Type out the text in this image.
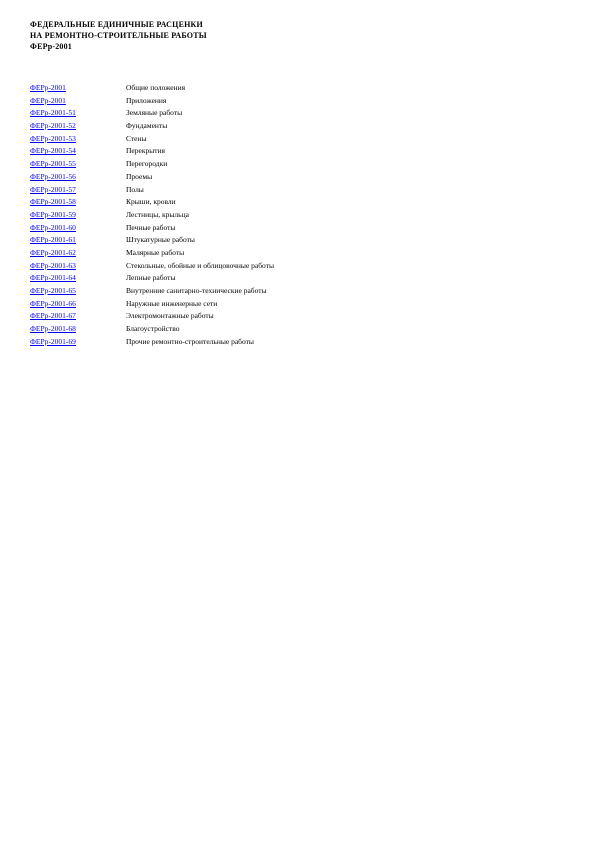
ФЕДЕРАЛЬНЫЕ ЕДИНИЧНЫЕ РАСЦЕНКИ
НА РЕМОНТНО-СТРОИТЕЛЬНЫЕ РАБОТЫ
ФЕРр-2001
ФЕРр-2001	Общие положения
ФЕРр-2001	Приложения
ФЕРр-2001-51	Земляные работы
ФЕРр-2001-52	Фундаменты
ФЕРр-2001-53	Стены
ФЕРр-2001-54	Перекрытия
ФЕРр-2001-55	Перегородки
ФЕРр-2001-56	Проемы
ФЕРр-2001-57	Полы
ФЕРр-2001-58	Крыши, кровли
ФЕРр-2001-59	Лестницы, крыльца
ФЕРр-2001-60	Печные работы
ФЕРр-2001-61	Штукатурные работы
ФЕРр-2001-62	Малярные работы
ФЕРр-2001-63	Стекольные, обойные и облицовочные работы
ФЕРр-2001-64	Лепные работы
ФЕРр-2001-65	Внутренние санитарно-технические работы
ФЕРр-2001-66	Наружные инженерные сети
ФЕРр-2001-67	Электромонтажные работы
ФЕРр-2001-68	Благоустройство
ФЕРр-2001-69	Прочие ремонтно-строительные работы
